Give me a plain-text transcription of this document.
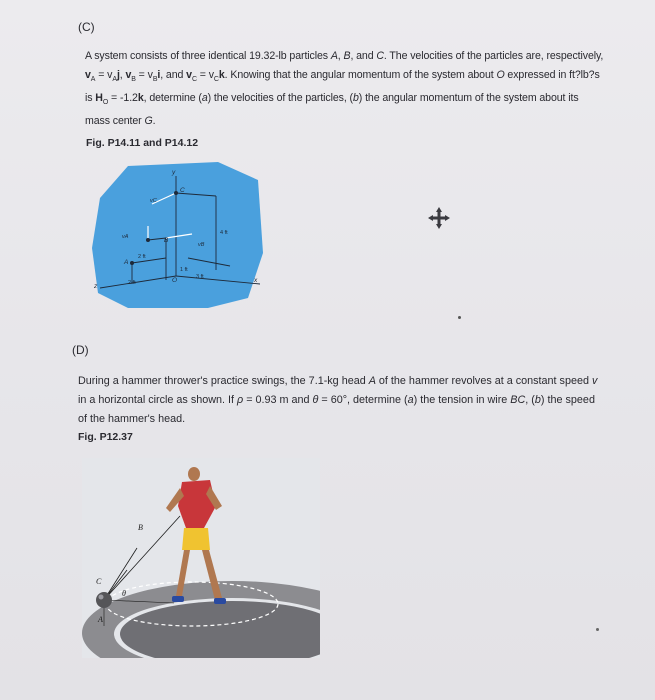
(C)
A system consists of three identical 19.32-lb particles A, B, and C. The velocities of the particles are, respectively, $v_A = v_Aj$, $v_B = v_Bi$, and $v_C = v_Ck$. Knowing that the angular momentum of the system about O expressed in ft?lb?s is $H_O = -1.2k$, determine (a) the velocities of the particles, (b) the angular momentum of the system about its mass center G.
Fig. P14.11 and P14.12
y
C
B
A
O	x
z
vA
vB
vC
4 ft
2 ft
1 ft
3 ft
2 ft
(D)
During a hammer thrower's practice swings, the 7.1-kg head A of the hammer revolves at a constant speed v in a horizontal circle as shown. If ρ = 0.93 m and θ = 60°, determine (a) the tension in wire BC, (b) the speed of the hammer's head.
Fig. P12.37
B
C
A
θ
